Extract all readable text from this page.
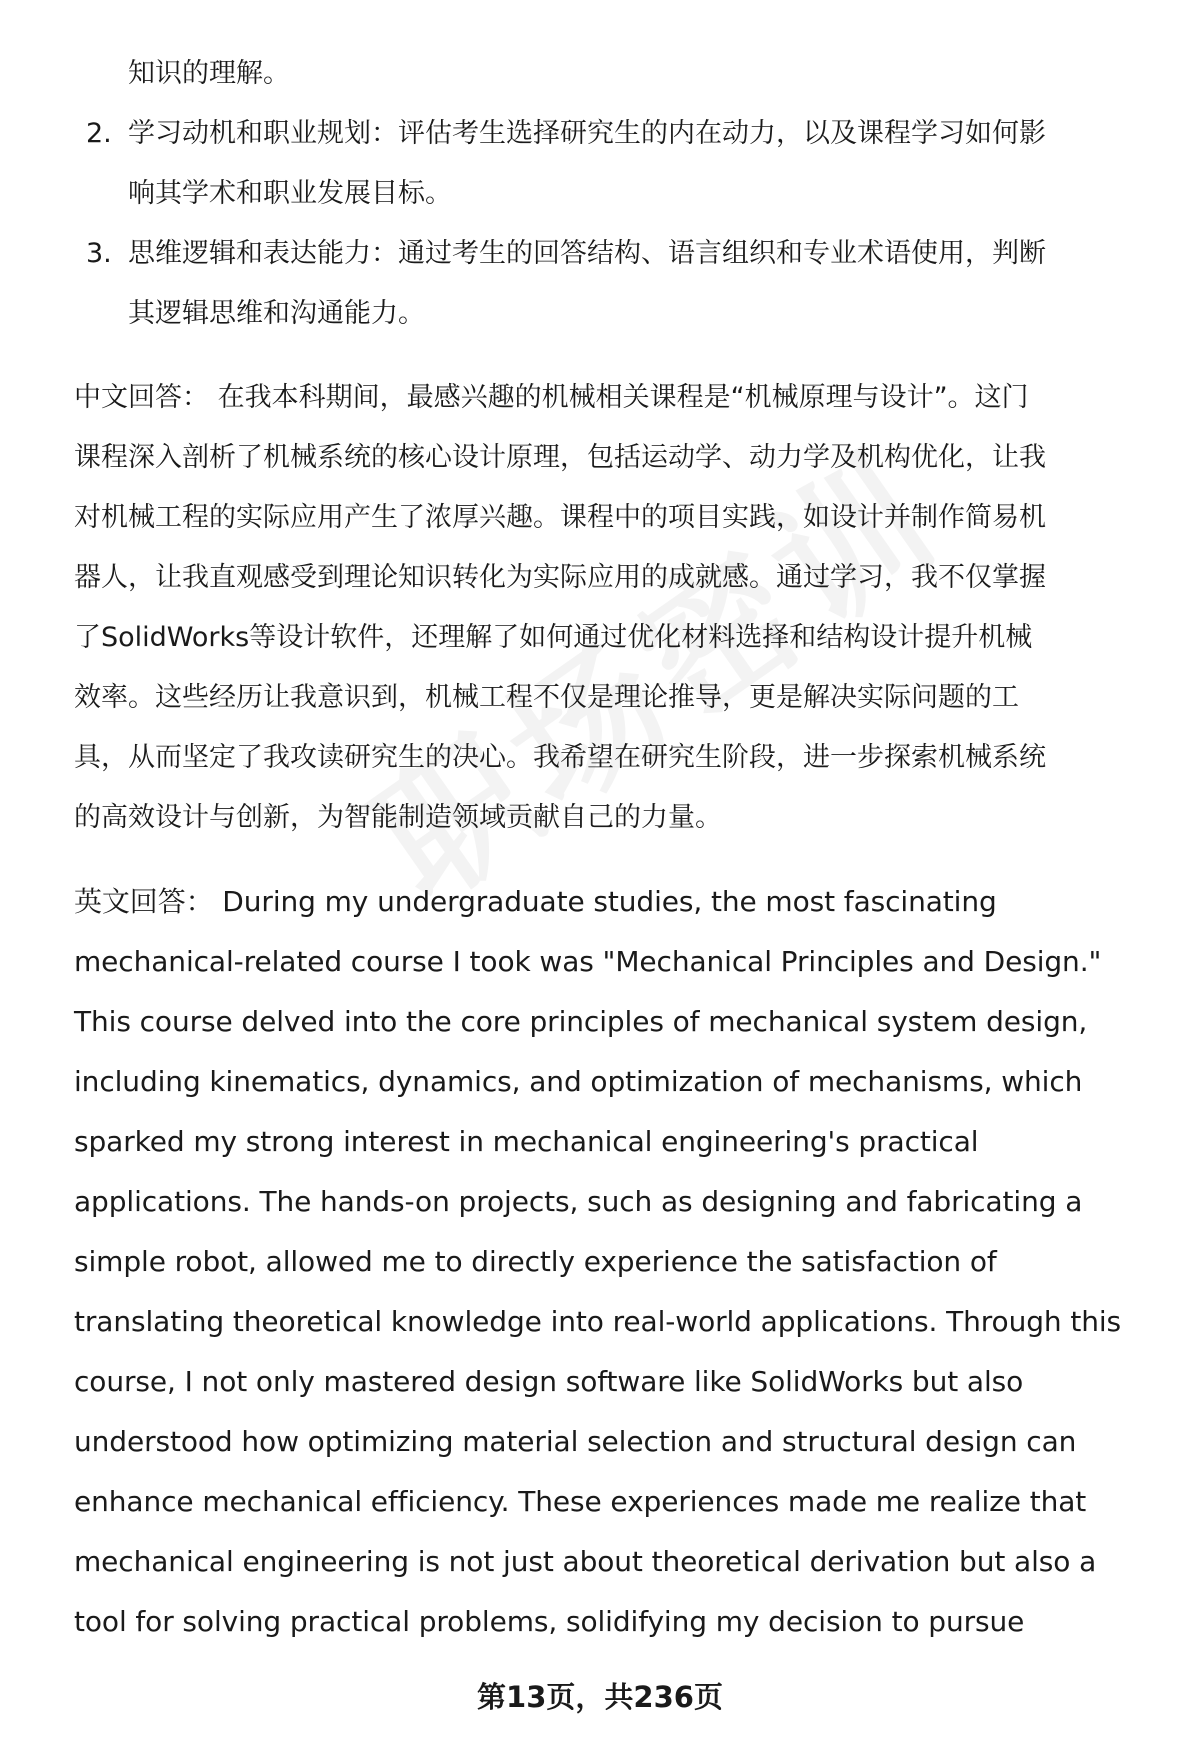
知识的理解。
2. 学习动机和职业规划：评估考生选择研究生的内在动力，以及课程学习如何影
响其学术和职业发展目标。
3. 思维逻辑和表达能力：通过考生的回答结构、语言组织和专业术语使用，判断
其逻辑思维和沟通能力。
中文回答： 在我本科期间，最感兴趣的机械相关课程是“机械原理与设计”。这门
课程深入剖析了机械系统的核心设计原理，包括运动学、动力学及机构优化，让我
对机械工程的实际应用产生了浓厚兴趣。课程中的项目实践，如设计并制作简易机
器人，让我直观感受到理论知识转化为实际应用的成就感。通过学习，我不仅掌握
了SolidWorks等设计软件，还理解了如何通过优化材料选择和结构设计提升机械
效率。这些经历让我意识到，机械工程不仅是理论推导，更是解决实际问题的工
具，从而坚定了我攻读研究生的决心。我希望在研究生阶段，进一步探索机械系统
的高效设计与创新，为智能制造领域贡献自己的力量。
英文回答： During my undergraduate studies, the most fascinating
mechanical-related course I took was "Mechanical Principles and Design."
This course delved into the core principles of mechanical system design,
including kinematics, dynamics, and optimization of mechanisms, which
sparked my strong interest in mechanical engineering's practical
applications. The hands-on projects, such as designing and fabricating a
simple robot, allowed me to directly experience the satisfaction of
translating theoretical knowledge into real-world applications. Through this
course, I not only mastered design software like SolidWorks but also
understood how optimizing material selection and structural design can
enhance mechanical efficiency. These experiences made me realize that
mechanical engineering is not just about theoretical derivation but also a
tool for solving practical problems, solidifying my decision to pursue
第13页，共236页
